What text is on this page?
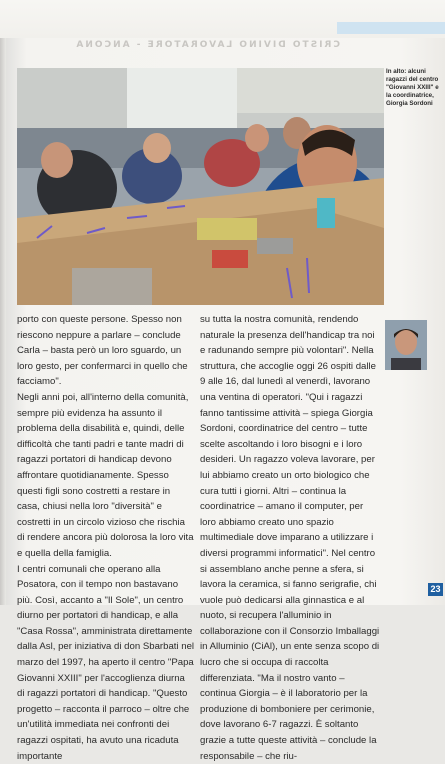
CRISTO DIVINO LAVORATORE - ANCONA

In alto: alcuni ragazzi del centro "Giovanni XXIII" e la coordinatrice, Giorgia Sordoni

porto con queste persone. Spesso non riescono neppure a parlare – conclude Carla – basta però un loro sguardo, un loro gesto, per confermarci in quello che facciamo".

Negli anni poi, all'interno della comunità, sempre più evidenza ha assunto il problema della disabilità e, quindi, delle difficoltà che tanti padri e tante madri di ragazzi portatori di handicap devono affrontare quotidianamente. Spesso questi figli sono costretti a restare in casa, chiusi nella loro "diversità" e costretti in un circolo vizioso che rischia di rendere ancora più dolorosa la loro vita e quella della famiglia.

I centri comunali che operano alla Posatora, con il tempo non bastavano più. Così, accanto a "Il Sole", un centro diurno per portatori di handicap, e alla "Casa Rossa", amministrata direttamente dalla Asl, per iniziativa di don Sbarbati nel marzo del 1997, ha aperto il centro "Papa Giovanni XXIII" per l'accoglienza diurna di ragazzi portatori di handicap. "Questo progetto – racconta il parroco – oltre che un'utilità immediata nei confronti dei ragazzi ospitati, ha avuto una ricaduta importante

su tutta la nostra comunità, rendendo naturale la presenza dell'handicap tra noi e radunando sempre più volontari". Nella struttura, che accoglie oggi 26 ospiti dalle 9 alle 16, dal lunedì al venerdì, lavorano una ventina di operatori. "Qui i ragazzi fanno tantissime attività – spiega Giorgia Sordoni, coordinatrice del centro – tutte scelte ascoltando i loro bisogni e i loro desideri. Un ragazzo voleva lavorare, per lui abbiamo creato un orto biologico che cura tutti i giorni. Altri – continua la coordinatrice – amano il computer, per loro abbiamo creato uno spazio multimediale dove imparano a utilizzare i diversi programmi informatici". Nel centro si assemblano anche penne a sfera, si lavora la ceramica, si fanno serigrafie, chi vuole può dedicarsi alla ginnastica e al nuoto, si recupera l'alluminio in collaborazione con il Consorzio Imballaggi in Alluminio (CiAl), un ente senza scopo di lucro che si occupa di raccolta differenziata. "Ma il nostro vanto – continua Giorgia – è il laboratorio per la produzione di bomboniere per cerimonie, dove lavorano 6-7 ragazzi. È soltanto grazie a tutte queste attività – conclude la responsabile – che riu-

23
